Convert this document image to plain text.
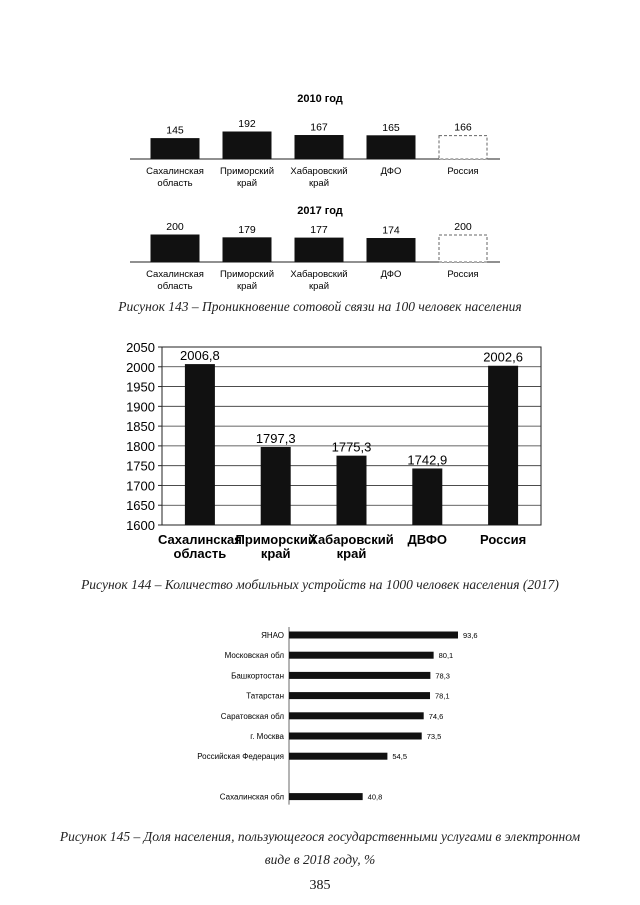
2010 год
145
Сахалинская
область
192
Приморский
край
167
Хабаровский
край
165
ДФО
166
Россия
2017 год
200
Сахалинская
область
179
Приморский
край
177
Хабаровский
край
174
ДФО
200
Россия
1600
1650
1700
1750
1800
1850
1900
1950
2000
2050
2006,8
Сахалинская
область
1797,3
Приморский
край
1775,3
Хабаровский
край
1742,9
ДВФО
2002,6
Россия
ЯНАО	93,6
Московская обл	80,1
Башкортостан	78,3
Татарстан	78,1
Саратовская обл	74,6
г. Москва	73,5
Российская Федерация	54,5
Сахалинская обл	40,8
Рисунок 143 – Проникновение сотовой связи на 100 человек населения
Рисунок 144 – Количество мобильных устройств на 1000 человек населения (2017)
Рисунок 145 – Доля населения, пользующегося государственными услугами в электронном
виде в 2018 году, %
385
